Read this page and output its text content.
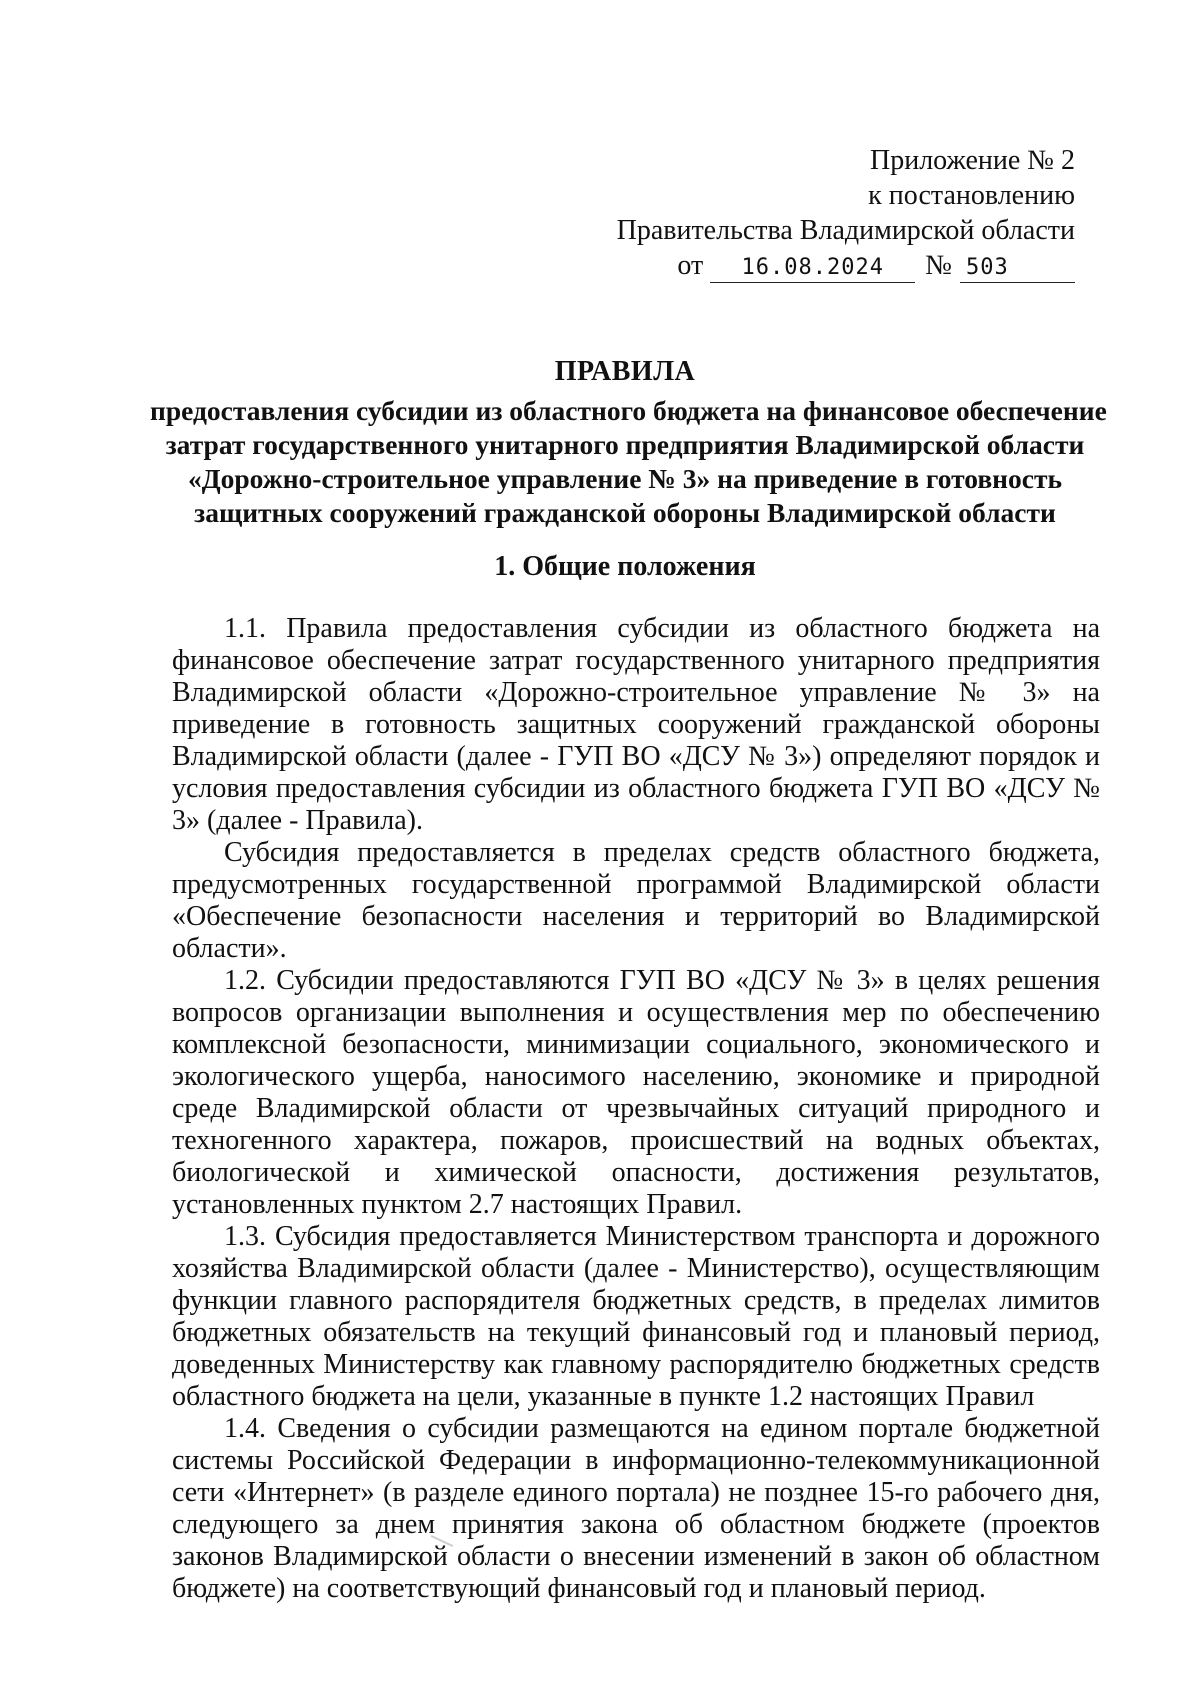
Приложение № 2
к постановлению
Правительства Владимирской области
от 16.08.2024 № 503
ПРАВИЛА
предоставления субсидии из областного бюджета на финансовое обеспечение
затрат государственного унитарного предприятия Владимирской области
«Дорожно-строительное управление № 3» на приведение в готовность
защитных сооружений гражданской обороны Владимирской области
1. Общие положения

1.1. Правила предоставления субсидии из областного бюджета на финансовое обеспечение затрат государственного унитарного предприятия Владимирской области «Дорожно-строительное управление № 3» на приведение в готовность защитных сооружений гражданской обороны Владимирской области (далее - ГУП ВО «ДСУ № 3») определяют порядок и условия предоставления субсидии из областного бюджета ГУП ВО «ДСУ № 3» (далее - Правила).

Субсидия предоставляется в пределах средств областного бюджета, предусмотренных государственной программой Владимирской области «Обеспечение безопасности населения и территорий во Владимирской области».

1.2. Субсидии предоставляются ГУП ВО «ДСУ № 3» в целях решения вопросов организации выполнения и осуществления мер по обеспечению комплексной безопасности, минимизации социального, экономического и экологического ущерба, наносимого населению, экономике и природной среде Владимирской области от чрезвычайных ситуаций природного и техногенного характера, пожаров, происшествий на водных объектах, биологической и химической опасности, достижения результатов, установленных пунктом 2.7 настоящих Правил.

1.3. Субсидия предоставляется Министерством транспорта и дорожного хозяйства Владимирской области (далее - Министерство), осуществляющим функции главного распорядителя бюджетных средств, в пределах лимитов бюджетных обязательств на текущий финансовый год и плановый период, доведенных Министерству как главному распорядителю бюджетных средств областного бюджета на цели, указанные в пункте 1.2 настоящих Правил

1.4. Сведения о субсидии размещаются на едином портале бюджетной системы Российской Федерации в информационно-телекоммуникационной сети «Интернет» (в разделе единого портала) не позднее 15-го рабочего дня, следующего за днем принятия закона об областном бюджете (проектов законов Владимирской области о внесении изменений в закон об областном бюджете) на соответствующий финансовый год и плановый период.
